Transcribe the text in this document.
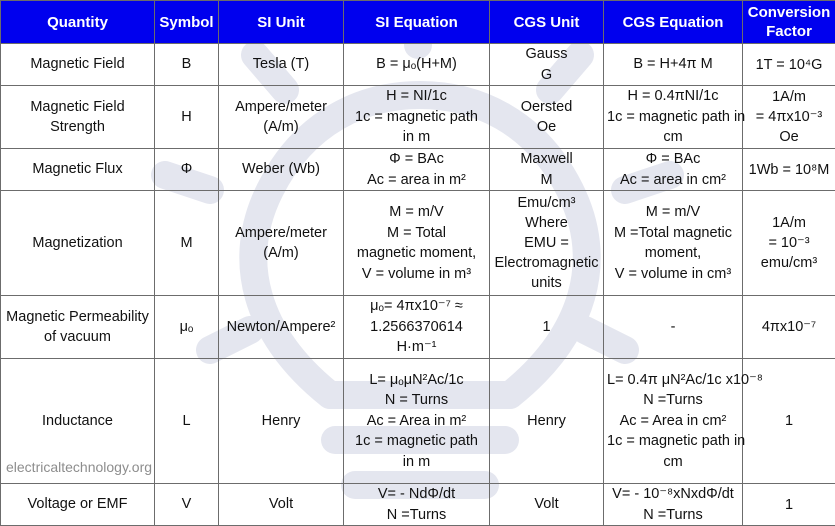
electricaltechnology.org
Quantity	Symbol	SI Unit	SI Equation	CGS Unit	CGS Equation	Conversion Factor

Magnetic Field	B	Tesla (T)	B = μₒ(H+M)	Gauss
G	B = H+4π M	1T = 10⁴G

Magnetic Field
Strength	H	Ampere/meter
(A/m)	H = NI/1c
1c = magnetic path
in m	Oersted
Oe	H = 0.4πNI/1c
1c = magnetic path in
cm	1A/m
= 4πx10⁻³
Oe

Magnetic Flux	Φ	Weber (Wb)	Φ = BAc
Ac = area in m²	Maxwell
M	Φ = BAc
Ac = area in cm²	1Wb = 10⁸M

Magnetization	M	Ampere/meter
(A/m)	M = m/V
M = Total
magnetic moment,
V = volume in m³	Emu/cm³
Where
EMU =
Electromagnetic
units	M = m/V
M =Total magnetic
moment,
V = volume in cm³	1A/m
= 10⁻³
emu/cm³

Magnetic Permeability
of vacuum	μₒ	Newton/Ampere²	μₒ= 4πx10⁻⁷ ≈
1.2566370614
H·m⁻¹	1	-	4πx10⁻⁷

Inductance	L	Henry	L= μₒμN²Ac/1c
N = Turns
Ac = Area in m²
1c = magnetic path
in m	Henry	L= 0.4π μN²Ac/1c x10⁻⁸
N =Turns
Ac = Area in cm²
1c = magnetic path in
cm	1

Voltage or EMF	V	Volt	V= - NdΦ/dt
N =Turns	Volt	V= - 10⁻⁸xNxdΦ/dt
N =Turns	1
